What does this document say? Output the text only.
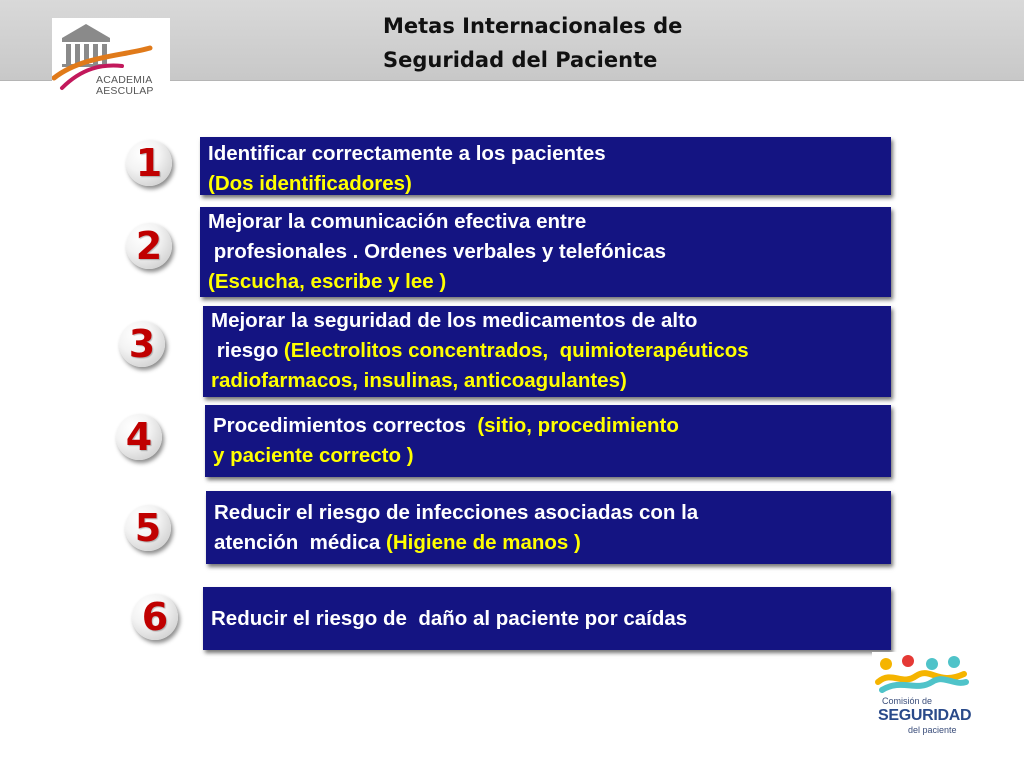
Metas Internacionales de
Seguridad del Paciente
ACADEMIA
AESCULAP
1	Identificar correctamente a los pacientes
(Dos identificadores)
2
Mejorar la comunicación efectiva entre
profesionales . Ordenes verbales y telefónicas
(Escucha, escribe y lee )
3
Mejorar la seguridad de los medicamentos de alto
riesgo (Electrolitos concentrados,  quimioterapéuticos
radiofarmacos, insulinas, anticoagulantes)
4	Procedimientos correctos  (sitio, procedimiento
y paciente correcto )
5	Reducir el riesgo de infecciones asociadas con la
atención  médica (Higiene de manos )
6	Reducir el riesgo de  daño al paciente por caídas
Comisión de
SEGURIDAD
del paciente
